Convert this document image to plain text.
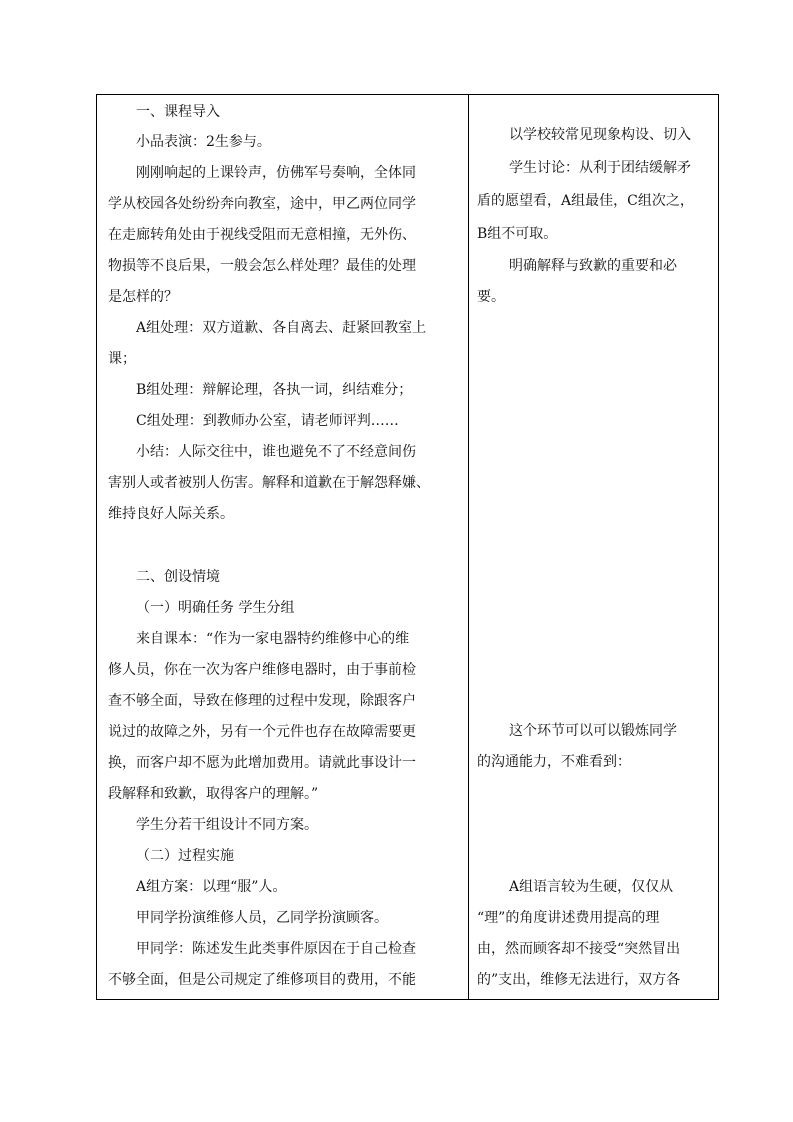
一、课程导入
小品表演：2生参与。
刚刚响起的上课铃声，仿佛军号奏响，全体同
学从校园各处纷纷奔向教室，途中，甲乙两位同学
在走廊转角处由于视线受阻而无意相撞，无外伤、
物损等不良后果，一般会怎么样处理？最佳的处理
是怎样的？
A组处理：双方道歉、各自离去、赶紧回教室上
课；
B组处理：辩解论理，各执一词，纠结难分；
C组处理：到教师办公室，请老师评判……
小结：人际交往中，谁也避免不了不经意间伤
害别人或者被别人伤害。解释和道歉在于解怨释嫌、
维持良好人际关系。
二、创设情境
（一）明确任务 学生分组
来自课本：“作为一家电器特约维修中心的维
修人员，你在一次为客户维修电器时，由于事前检
查不够全面，导致在修理的过程中发现，除跟客户
说过的故障之外，另有一个元件也存在故障需要更
换，而客户却不愿为此增加费用。请就此事设计一
段解释和致歉，取得客户的理解。”
学生分若干组设计不同方案。
（二）过程实施
A组方案：以理“服”人。
甲同学扮演维修人员，乙同学扮演顾客。
甲同学：陈述发生此类事件原因在于自己检查
不够全面，但是公司规定了维修项目的费用，不能
以学校较常见现象构设、切入
学生讨论：从利于团结缓解矛
盾的愿望看，A组最佳，C组次之，
B组不可取。
明确解释与致歉的重要和必
要。
这个环节可以可以锻炼同学
的沟通能力，不难看到：
A组语言较为生硬，仅仅从
“理”的角度讲述费用提高的理
由，然而顾客却不接受“突然冒出
的”支出，维修无法进行，双方各
